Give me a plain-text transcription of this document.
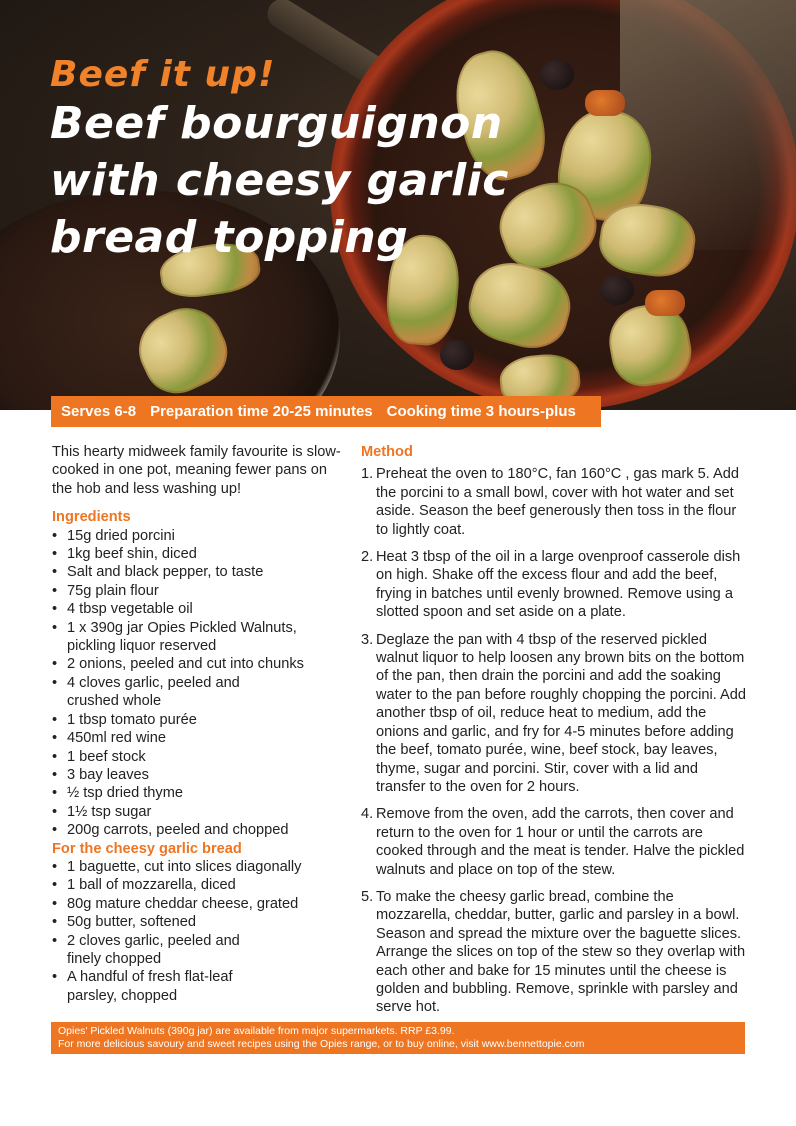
Beef it up!
Beef bourguignon
with cheesy garlic
bread topping
Serves 6-8 Preparation time 20-25 minutes Cooking time 3 hours-plus

This hearty midweek family favourite is slow-cooked in one pot, meaning fewer pans on the hob and less washing up!

Ingredients

• 15g dried porcini
• 1kg beef shin, diced
• Salt and black pepper, to taste
• 75g plain flour
• 4 tbsp vegetable oil
• 1 x 390g jar Opies Pickled Walnuts, pickling liquor reserved
• 2 onions, peeled and cut into chunks
• 4 cloves garlic, peeled and crushed whole
• 1 tbsp tomato purée
• 450ml red wine
• 1 beef stock
• 3 bay leaves
• ½ tsp dried thyme
• 1½ tsp sugar
• 200g carrots, peeled and chopped

For the cheesy garlic bread

• 1 baguette, cut into slices diagonally
• 1 ball of mozzarella, diced
• 80g mature cheddar cheese, grated
• 50g butter, softened
• 2 cloves garlic, peeled and finely chopped
• A handful of fresh flat-leaf parsley, chopped

Method

1. Preheat the oven to 180°C, fan 160°C , gas mark 5. Add the porcini to a small bowl, cover with hot water and set aside. Season the beef generously then toss in the flour to lightly coat.
2. Heat 3 tbsp of the oil in a large ovenproof casserole dish on high. Shake off the excess flour and add the beef, frying in batches until evenly browned. Remove using a slotted spoon and set aside on a plate.
3. Deglaze the pan with 4 tbsp of the reserved pickled walnut liquor to help loosen any brown bits on the bottom of the pan, then drain the porcini and add the soaking water to the pan before roughly chopping the porcini. Add another tbsp of oil, reduce heat to medium, add the onions and garlic, and fry for 4-5 minutes before adding the beef, tomato purée, wine, beef stock, bay leaves, thyme, sugar and porcini. Stir, cover with a lid and transfer to the oven for 2 hours.
4. Remove from the oven, add the carrots, then cover and return to the oven for 1 hour or until the carrots are cooked through and the meat is tender. Halve the pickled walnuts and place on top of the stew.
5. To make the cheesy garlic bread, combine the mozzarella, cheddar, butter, garlic and parsley in a bowl. Season and spread the mixture over the baguette slices. Arrange the slices on top of the stew so they overlap with each other and bake for 15 minutes until the cheese is golden and bubbling. Remove, sprinkle with parsley and serve hot.
Opies' Pickled Walnuts (390g jar) are available from major supermarkets. RRP £3.99.
For more delicious savoury and sweet recipes using the Opies range, or to buy online, visit www.bennettopie.com
